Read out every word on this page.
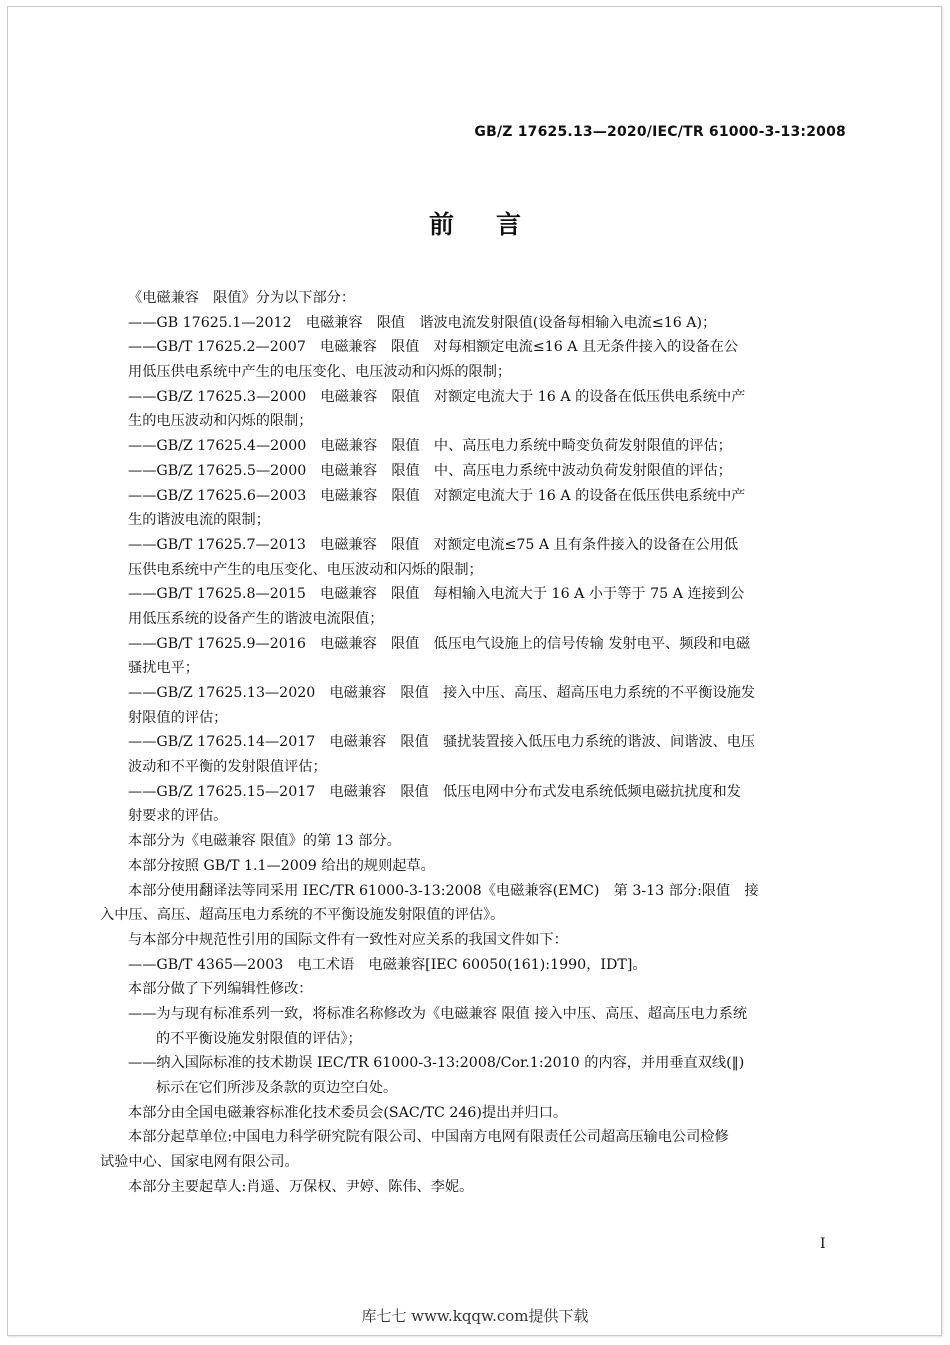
GB/Z 17625.13—2020/IEC/TR 61000-3-13:2008
前言
《电磁兼容　限值》分为以下部分：
——GB 17625.1—2012　电磁兼容　限值　谐波电流发射限值(设备每相输入电流≤16 A)；
——GB/T 17625.2—2007　电磁兼容　限值　对每相额定电流≤16 A 且无条件接入的设备在公
用低压供电系统中产生的电压变化、电压波动和闪烁的限制；
——GB/Z 17625.3—2000　电磁兼容　限值　对额定电流大于 16 A 的设备在低压供电系统中产
生的电压波动和闪烁的限制；
——GB/Z 17625.4—2000　电磁兼容　限值　中、高压电力系统中畸变负荷发射限值的评估；
——GB/Z 17625.5—2000　电磁兼容　限值　中、高压电力系统中波动负荷发射限值的评估；
——GB/Z 17625.6—2003　电磁兼容　限值　对额定电流大于 16 A 的设备在低压供电系统中产
生的谐波电流的限制；
——GB/T 17625.7—2013　电磁兼容　限值　对额定电流≤75 A 且有条件接入的设备在公用低
压供电系统中产生的电压变化、电压波动和闪烁的限制；
——GB/T 17625.8—2015　电磁兼容　限值　每相输入电流大于 16 A 小于等于 75 A 连接到公
用低压系统的设备产生的谐波电流限值；
——GB/T 17625.9—2016　电磁兼容　限值　低压电气设施上的信号传输 发射电平、频段和电磁
骚扰电平；
——GB/Z 17625.13—2020　电磁兼容　限值　接入中压、高压、超高压电力系统的不平衡设施发
射限值的评估；
——GB/Z 17625.14—2017　电磁兼容　限值　骚扰装置接入低压电力系统的谐波、间谐波、电压
波动和不平衡的发射限值评估；
——GB/Z 17625.15—2017　电磁兼容　限值　低压电网中分布式发电系统低频电磁抗扰度和发
射要求的评估。
本部分为《电磁兼容 限值》的第 13 部分。
本部分按照 GB/T 1.1—2009 给出的规则起草。
本部分使用翻译法等同采用 IEC/TR 61000-3-13:2008《电磁兼容(EMC)　第 3-13 部分:限值　接
入中压、高压、超高压电力系统的不平衡设施发射限值的评估》。
与本部分中规范性引用的国际文件有一致性对应关系的我国文件如下：
——GB/T 4365—2003　电工术语　电磁兼容[IEC 60050(161):1990，IDT]。
本部分做了下列编辑性修改：
——为与现有标准系列一致，将标准名称修改为《电磁兼容 限值 接入中压、高压、超高压电力系统
的不平衡设施发射限值的评估》；
——纳入国际标准的技术勘误 IEC/TR 61000-3-13:2008/Cor.1:2010 的内容，并用垂直双线(‖)
标示在它们所涉及条款的页边空白处。
本部分由全国电磁兼容标准化技术委员会(SAC/TC 246)提出并归口。
本部分起草单位:中国电力科学研究院有限公司、中国南方电网有限责任公司超高压输电公司检修
试验中心、国家电网有限公司。
本部分主要起草人:肖遥、万保权、尹婷、陈伟、李妮。
I
库七七 www.kqqw.com提供下载
